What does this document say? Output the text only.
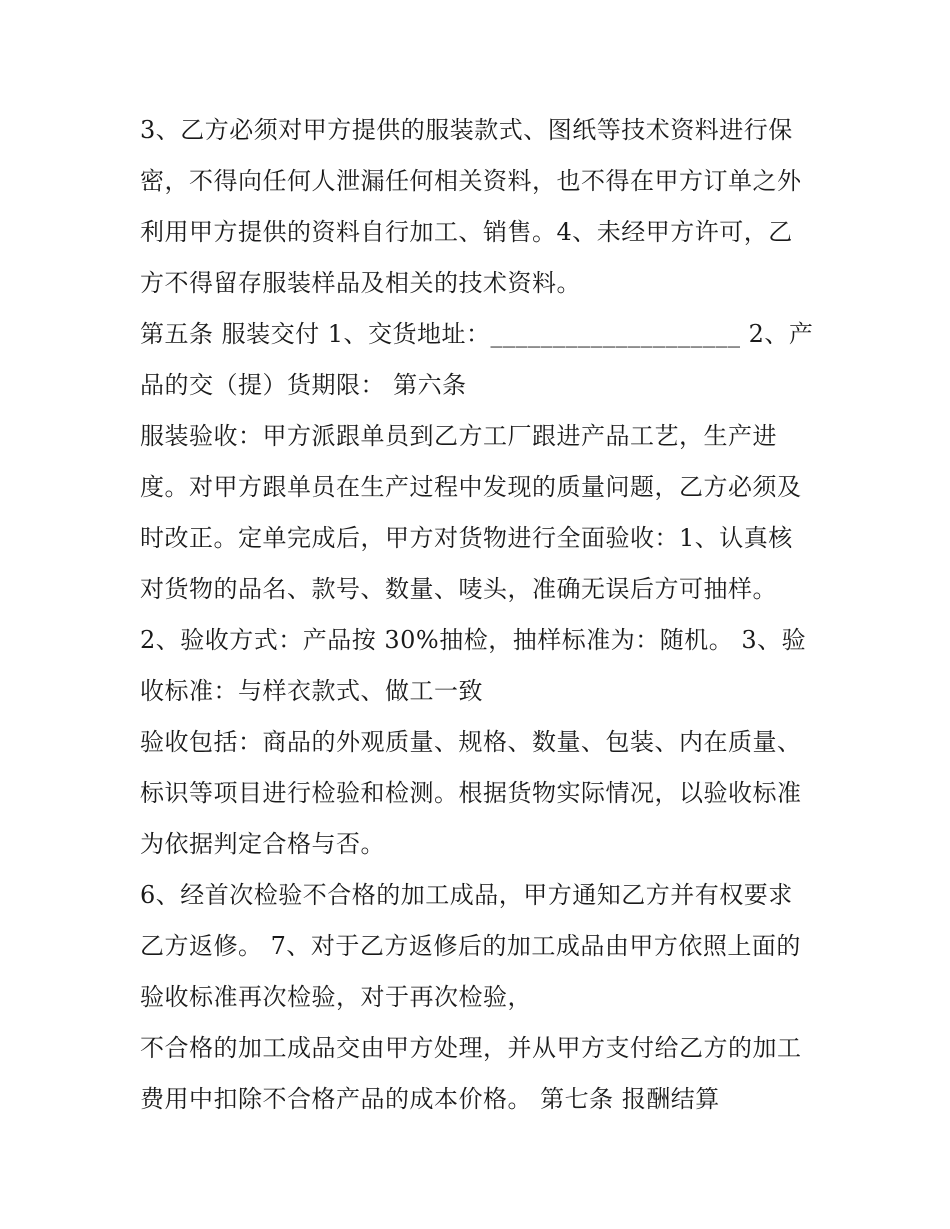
3、乙方必须对甲方提供的服装款式、图纸等技术资料进行保
密，不得向任何人泄漏任何相关资料，也不得在甲方订单之外
利用甲方提供的资料自行加工、销售。4、未经甲方许可，乙
方不得留存服装样品及相关的技术资料。
第五条 服装交付 1、交货地址：____________________ 2、产
品的交（提）货期限： 第六条
服装验收：甲方派跟单员到乙方工厂跟进产品工艺，生产进
度。对甲方跟单员在生产过程中发现的质量问题，乙方必须及
时改正。定单完成后，甲方对货物进行全面验收：1、认真核
对货物的品名、款号、数量、唛头，准确无误后方可抽样。
2、验收方式：产品按 30%抽检，抽样标准为：随机。 3、验
收标准：与样衣款式、做工一致
验收包括：商品的外观质量、规格、数量、包装、内在质量、
标识等项目进行检验和检测。根据货物实际情况，以验收标准
为依据判定合格与否。
6、经首次检验不合格的加工成品，甲方通知乙方并有权要求
乙方返修。 7、对于乙方返修后的加工成品由甲方依照上面的
验收标准再次检验，对于再次检验，
不合格的加工成品交由甲方处理，并从甲方支付给乙方的加工
费用中扣除不合格产品的成本价格。 第七条 报酬结算
